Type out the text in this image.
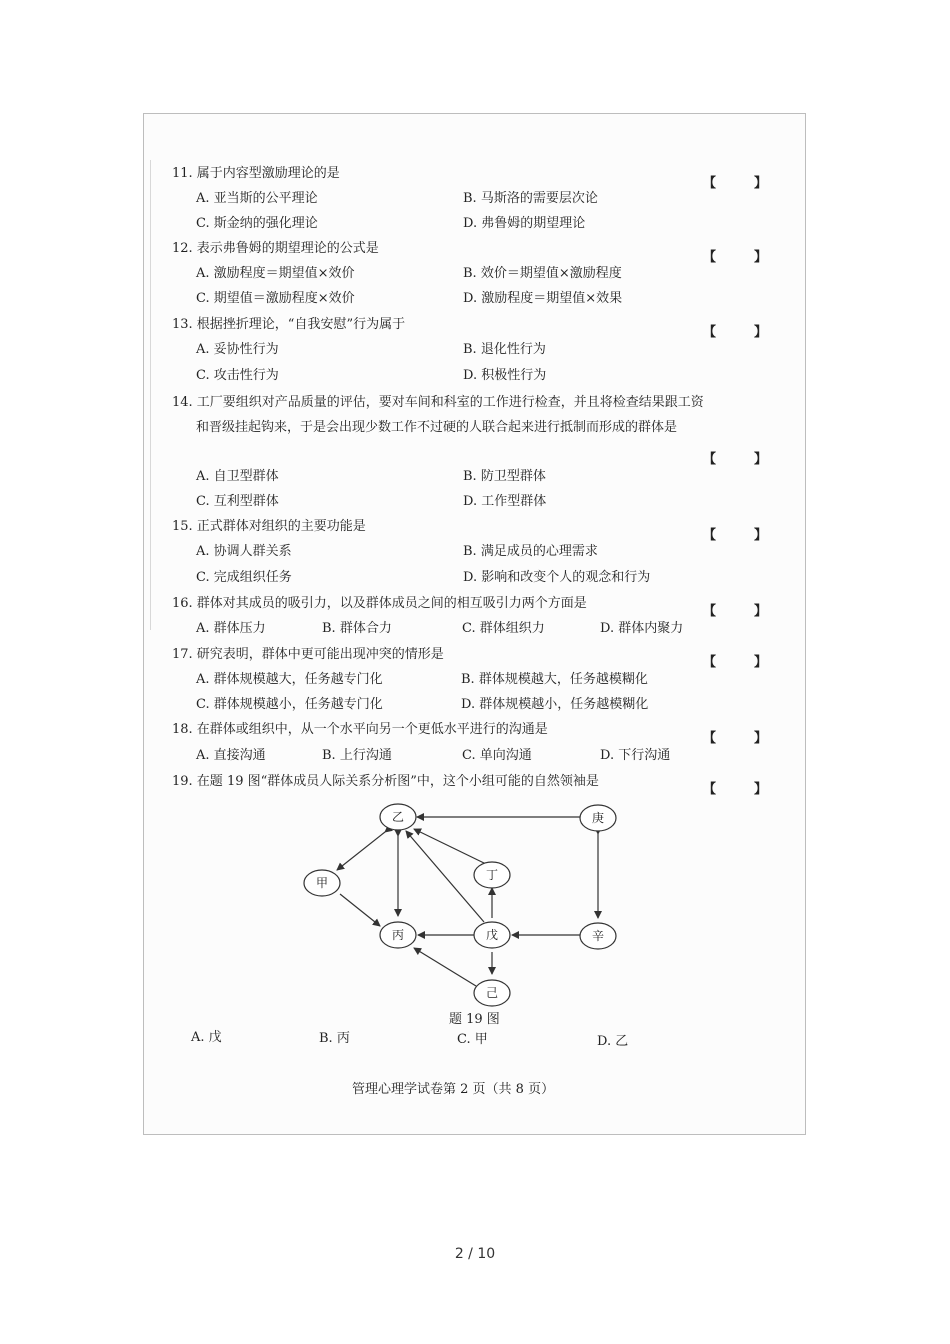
11. 属于内容型激励理论的是
【】
A. 亚当斯的公平理论	B. 马斯洛的需要层次论
C. 斯金纳的强化理论	D. 弗鲁姆的期望理论
12. 表示弗鲁姆的期望理论的公式是
【】
A. 激励程度＝期望值×效价	B. 效价＝期望值×激励程度
C. 期望值＝激励程度×效价	D. 激励程度＝期望值×效果
13. 根据挫折理论，“自我安慰”行为属于
【】
A. 妥协性行为	B. 退化性行为
C. 攻击性行为	D. 积极性行为
14. 工厂要组织对产品质量的评估，要对车间和科室的工作进行检查，并且将检查结果跟工资
和晋级挂起钩来，于是会出现少数工作不过硬的人联合起来进行抵制而形成的群体是
【】
A. 自卫型群体	B. 防卫型群体
C. 互利型群体	D. 工作型群体
15. 正式群体对组织的主要功能是
【】
A. 协调人群关系	B. 满足成员的心理需求
C. 完成组织任务	D. 影响和改变个人的观念和行为
16. 群体对其成员的吸引力，以及群体成员之间的相互吸引力两个方面是
【】
A. 群体压力	B. 群体合力	C. 群体组织力	D. 群体内聚力
17. 研究表明，群体中更可能出现冲突的情形是
【】
A. 群体规模越大，任务越专门化	B. 群体规模越大，任务越模糊化
C. 群体规模越小，任务越专门化	D. 群体规模越小，任务越模糊化
18. 在群体或组织中，从一个水平向另一个更低水平进行的沟通是
【】
A. 直接沟通	B. 上行沟通	C. 单向沟通	D. 下行沟通
19. 在题 19 图“群体成员人际关系分析图”中，这个小组可能的自然领袖是
【】
乙	庚
甲
丁
丙	戊	辛
己
题 19 图
A. 戊	B. 丙	C. 甲	D. 乙
管理心理学试卷第 2 页（共 8 页）
2 / 10
